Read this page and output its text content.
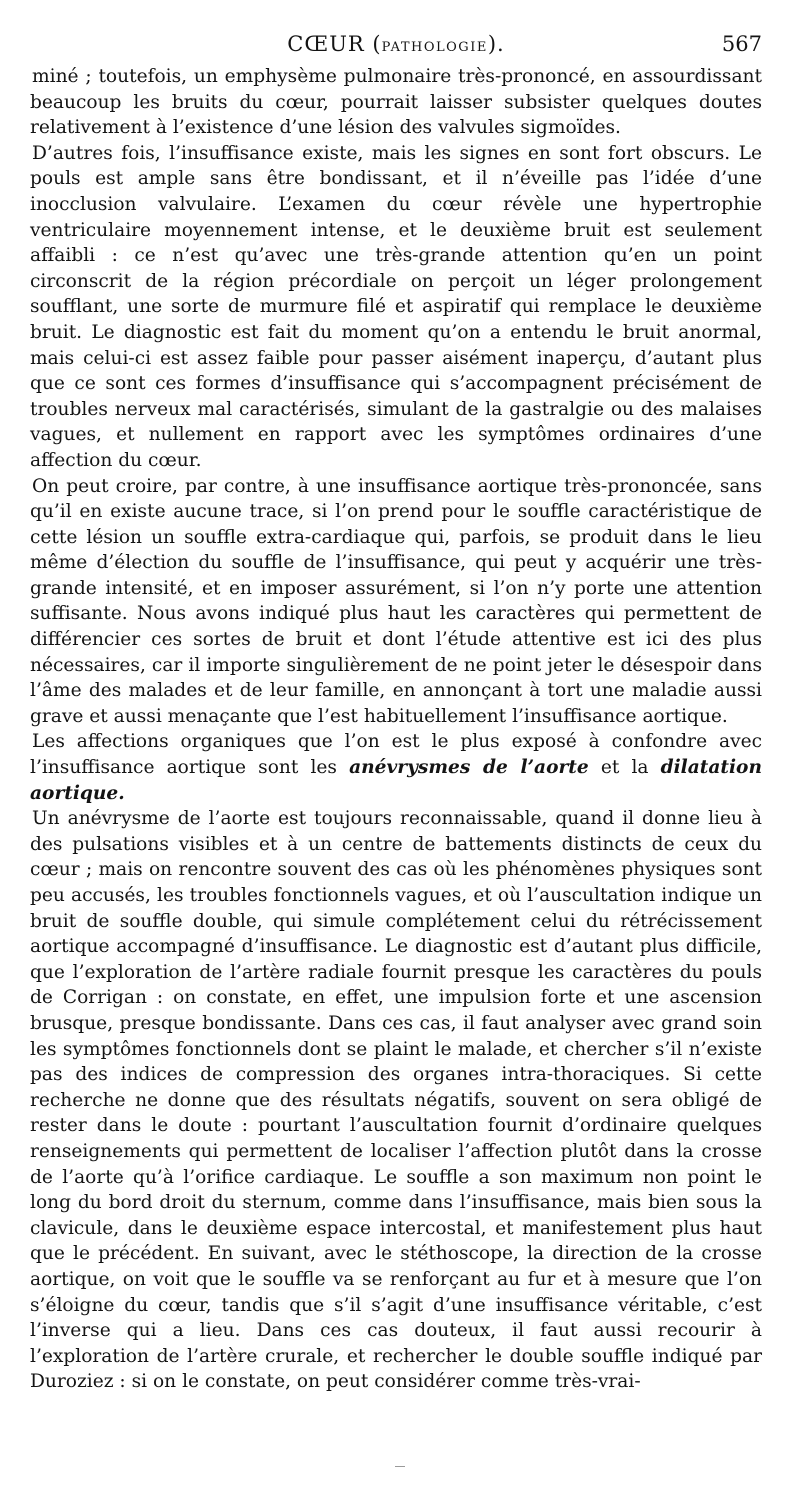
CŒUR (PATHOLOGIE).	567

miné ; toutefois, un emphysème pulmonaire très-prononcé, en assourdissant beaucoup les bruits du cœur, pourrait laisser subsister quelques doutes relativement à l’existence d’une lésion des valvules sigmoïdes.

D’autres fois, l’insuffisance existe, mais les signes en sont fort obscurs. Le pouls est ample sans être bondissant, et il n’éveille pas l’idée d’une inocclusion valvulaire. L’examen du cœur révèle une hypertrophie ventriculaire moyennement intense, et le deuxième bruit est seulement affaibli : ce n’est qu’avec une très-grande attention qu’en un point circonscrit de la région précordiale on perçoit un léger prolongement soufflant, une sorte de murmure filé et aspiratif qui remplace le deuxième bruit. Le diagnostic est fait du moment qu’on a entendu le bruit anormal, mais celui-ci est assez faible pour passer aisément inaperçu, d’autant plus que ce sont ces formes d’insuffisance qui s’accompagnent précisément de troubles nerveux mal caractérisés, simulant de la gastralgie ou des malaises vagues, et nullement en rapport avec les symptômes ordinaires d’une affection du cœur.

On peut croire, par contre, à une insuffisance aortique très-prononcée, sans qu’il en existe aucune trace, si l’on prend pour le souffle caractéristique de cette lésion un souffle extra-cardiaque qui, parfois, se produit dans le lieu même d’élection du souffle de l’insuffisance, qui peut y acquérir une très-grande intensité, et en imposer assurément, si l’on n’y porte une attention suffisante. Nous avons indiqué plus haut les caractères qui permettent de différencier ces sortes de bruit et dont l’étude attentive est ici des plus nécessaires, car il importe singulièrement de ne point jeter le désespoir dans l’âme des malades et de leur famille, en annonçant à tort une maladie aussi grave et aussi menaçante que l’est habituellement l’insuffisance aortique.

Les affections organiques que l’on est le plus exposé à confondre avec l’insuffisance aortique sont les anévrysmes de l’aorte et la dilatation aortique.

Un anévrysme de l’aorte est toujours reconnaissable, quand il donne lieu à des pulsations visibles et à un centre de battements distincts de ceux du cœur ; mais on rencontre souvent des cas où les phénomènes physiques sont peu accusés, les troubles fonctionnels vagues, et où l’auscultation indique un bruit de souffle double, qui simule complétement celui du rétrécissement aortique accompagné d’insuffisance. Le diagnostic est d’autant plus difficile, que l’exploration de l’artère radiale fournit presque les caractères du pouls de Corrigan : on constate, en effet, une impulsion forte et une ascension brusque, presque bondissante. Dans ces cas, il faut analyser avec grand soin les symptômes fonctionnels dont se plaint le malade, et chercher s’il n’existe pas des indices de compression des organes intra-thoraciques. Si cette recherche ne donne que des résultats négatifs, souvent on sera obligé de rester dans le doute : pourtant l’auscultation fournit d’ordinaire quelques renseignements qui permettent de localiser l’affection plutôt dans la crosse de l’aorte qu’à l’orifice cardiaque. Le souffle a son maximum non point le long du bord droit du sternum, comme dans l’insuffisance, mais bien sous la clavicule, dans le deuxième espace intercostal, et manifestement plus haut que le précédent. En suivant, avec le stéthoscope, la direction de la crosse aortique, on voit que le souffle va se renforçant au fur et à mesure que l’on s’éloigne du cœur, tandis que s’il s’agit d’une insuffisance véritable, c’est l’inverse qui a lieu. Dans ces cas douteux, il faut aussi recourir à l’exploration de l’artère crurale, et rechercher le double souffle indiqué par Duroziez : si on le constate, on peut considérer comme très-vrai-
